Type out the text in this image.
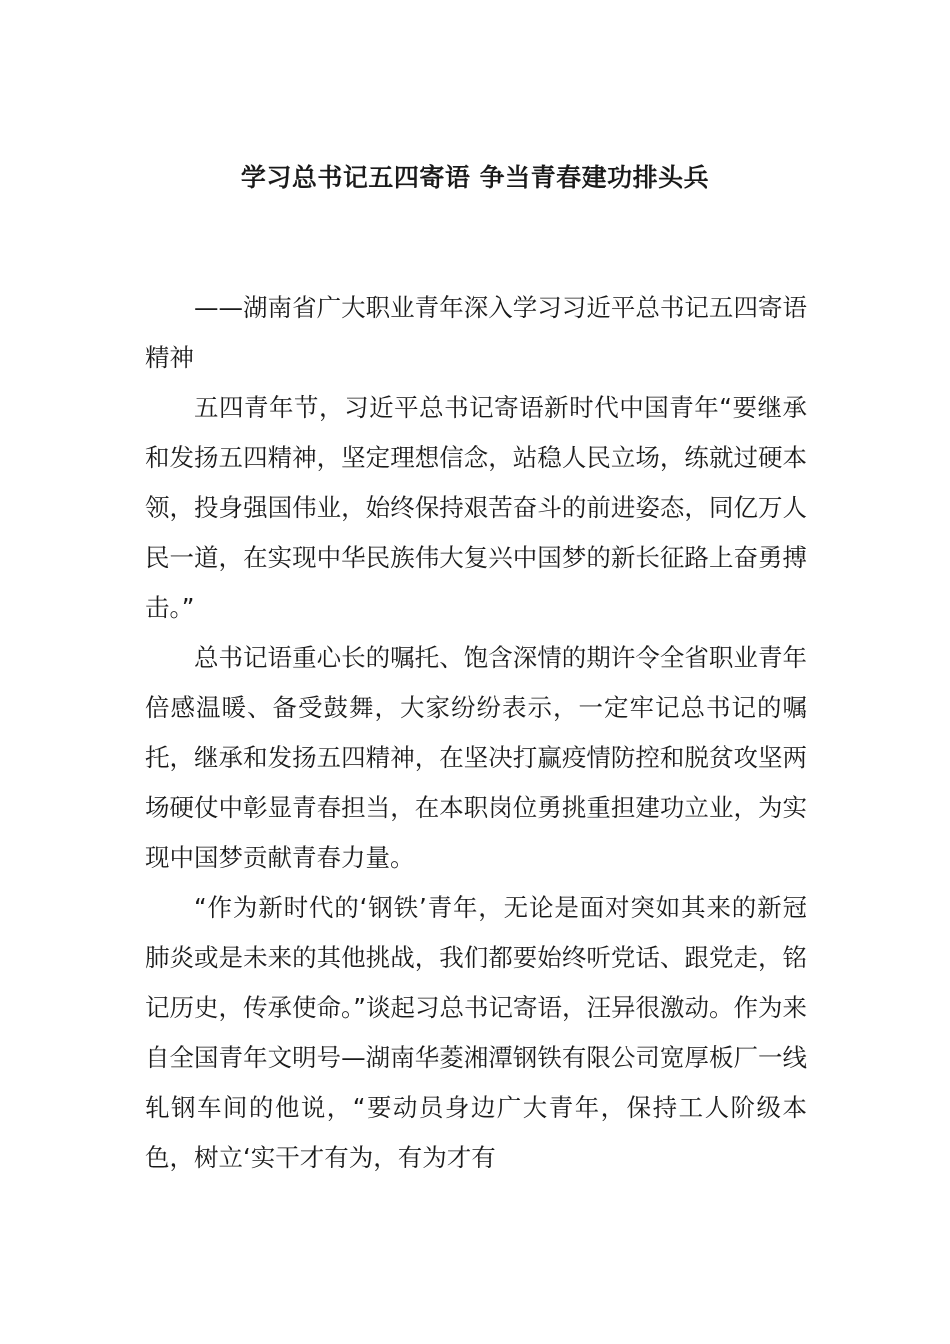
学习总书记五四寄语 争当青春建功排头兵

——湖南省广大职业青年深入学习习近平总书记五四寄语精神

五四青年节，习近平总书记寄语新时代中国青年“要继承和发扬五四精神，坚定理想信念，站稳人民立场，练就过硬本领，投身强国伟业，始终保持艰苦奋斗的前进姿态，同亿万人民一道，在实现中华民族伟大复兴中国梦的新长征路上奋勇搏击。”

总书记语重心长的嘱托、饱含深情的期许令全省职业青年倍感温暖、备受鼓舞，大家纷纷表示，一定牢记总书记的嘱托，继承和发扬五四精神，在坚决打赢疫情防控和脱贫攻坚两场硬仗中彰显青春担当，在本职岗位勇挑重担建功立业，为实现中国梦贡献青春力量。

“作为新时代的‘钢铁’青年，无论是面对突如其来的新冠肺炎或是未来的其他挑战，我们都要始终听党话、跟党走，铭记历史，传承使命。”谈起习总书记寄语，汪异很激动。作为来自全国青年文明号—湖南华菱湘潭钢铁有限公司宽厚板厂一线轧钢车间的他说，“要动员身边广大青年，保持工人阶级本色，树立‘实干才有为，有为才有
